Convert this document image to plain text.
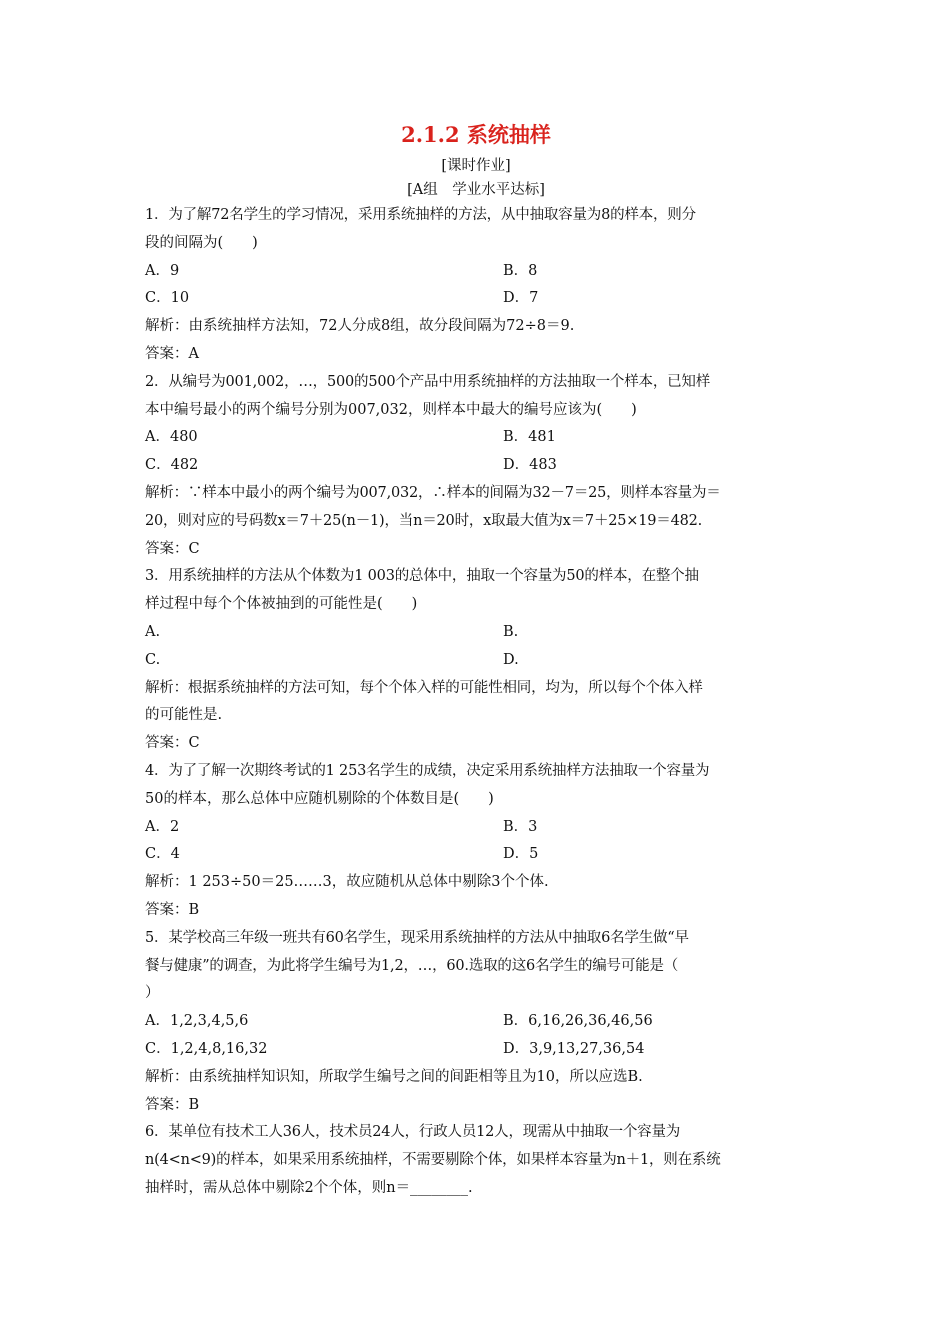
2.1.2 系统抽样
[课时作业]
[A组　学业水平达标]
1．为了解72名学生的学习情况，采用系统抽样的方法，从中抽取容量为8的样本，则分
段的间隔为(　　)
A．9	B．8
C．10	D．7
解析：由系统抽样方法知，72人分成8组，故分段间隔为72÷8＝9.
答案：A
2．从编号为001,002，…，500的500个产品中用系统抽样的方法抽取一个样本，已知样
本中编号最小的两个编号分别为007,032，则样本中最大的编号应该为(　　)
A．480	B．481
C．482	D．483
解析：∵样本中最小的两个编号为007,032，∴样本的间隔为32－7＝25，则样本容量为＝
20，则对应的号码数x＝7＋25(n－1)，当n＝20时，x取最大值为x＝7＋25×19＝482.
答案：C
3．用系统抽样的方法从个体数为1 003的总体中，抽取一个容量为50的样本，在整个抽
样过程中每个个体被抽到的可能性是(　　)
A.	B.
C.	D.
解析：根据系统抽样的方法可知，每个个体入样的可能性相同，均为，所以每个个体入样
的可能性是.
答案：C
4．为了了解一次期终考试的1 253名学生的成绩，决定采用系统抽样方法抽取一个容量为
50的样本，那么总体中应随机剔除的个体数目是(　　)
A．2	B．3
C．4	D．5
解析：1 253÷50＝25……3，故应随机从总体中剔除3个个体.
答案：B
5．某学校高三年级一班共有60名学生，现采用系统抽样的方法从中抽取6名学生做“早
餐与健康”的调查，为此将学生编号为1,2，…，60.选取的这6名学生的编号可能是（
）
A．1,2,3,4,5,6	B．6,16,26,36,46,56
C．1,2,4,8,16,32	D．3,9,13,27,36,54
解析：由系统抽样知识知，所取学生编号之间的间距相等且为10，所以应选B.
答案：B
6．某单位有技术工人36人，技术员24人，行政人员12人，现需从中抽取一个容量为
n(4<n<9)的样本，如果采用系统抽样，不需要剔除个体，如果样本容量为n＋1，则在系统
抽样时，需从总体中剔除2个个体，则n＝________.
